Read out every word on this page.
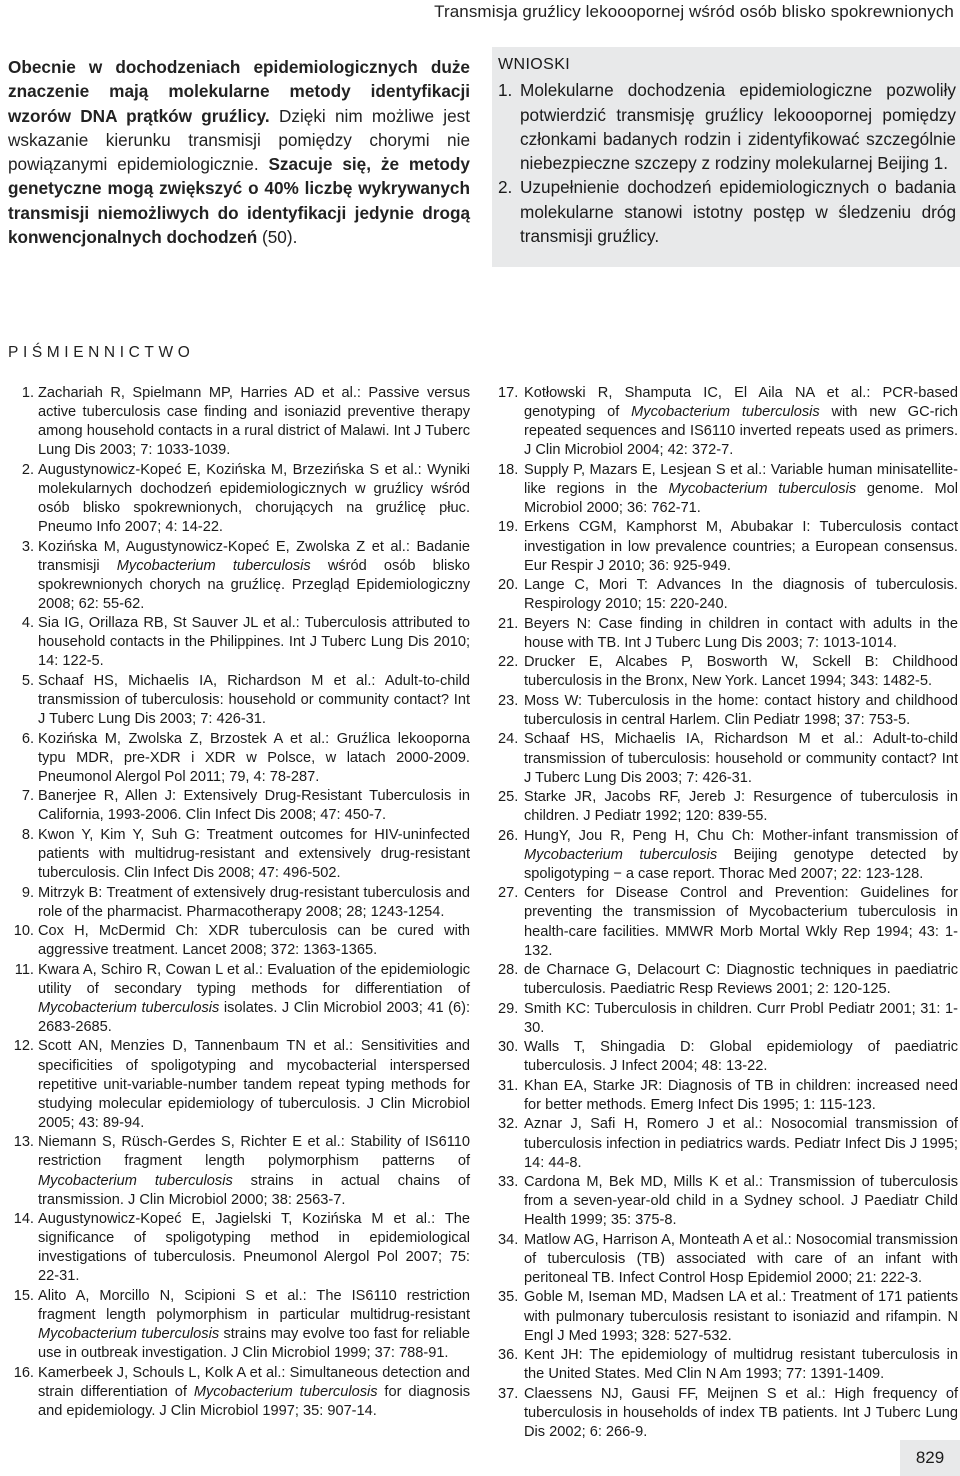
Transmisja gruźlicy lekooopornej wśród osób blisko spokrewnionych
Obecnie w dochodzeniach epidemiologicznych duże znaczenie mają molekularne metody identyfikacji wzorów DNA prątków gruźlicy. Dzięki nim możliwe jest wskazanie kierunku transmisji pomiędzy chorymi nie powiązanymi epidemiologicznie. Szacuje się, że metody genetyczne mogą zwiększyć o 40% liczbę wykrywanych transmisji niemożliwych do identyfikacji jedynie drogą konwencjonalnych dochodzeń (50).
WNIOSKI
1. Molekularne dochodzenia epidemiologiczne pozwoliły potwierdzić transmisję gruźlicy lekooopornej pomiędzy członkami badanych rodzin i zidentyfikować szczególnie niebezpieczne szczepy z rodziny molekularnej Beijing 1.
2. Uzupełnienie dochodzeń epidemiologicznych o badania molekularne stanowi istotny postęp w śledzeniu dróg transmisji gruźlicy.
PIŚMIENNICTWO
1. Zachariah R, Spielmann MP, Harries AD et al.: Passive versus active tuberculosis case finding and isoniazid preventive therapy among household contacts in a rural district of Malawi. Int J Tuberc Lung Dis 2003; 7: 1033-1039.
2. Augustynowicz-Kopeć E, Kozińska M, Brzezińska S et al.: Wyniki molekularnych dochodzeń epidemiologicznych w gruźlicy wśród osób blisko spokrewnionych, chorujących na gruźlicę płuc. Pneumo Info 2007; 4: 14-22.
3. Kozińska M, Augustynowicz-Kopeć E, Zwolska Z et al.: Badanie transmisji Mycobacterium tuberculosis wśród osób blisko spokrewnionych chorych na gruźlicę. Przegląd Epidemiologiczny 2008; 62: 55-62.
4. Sia IG, Orillaza RB, St Sauver JL et al.: Tuberculosis attributed to household contacts in the Philippines. Int J Tuberc Lung Dis 2010; 14: 122-5.
5. Schaaf HS, Michaelis IA, Richardson M et al.: Adult-to-child transmission of tuberculosis: household or community contact? Int J Tuberc Lung Dis 2003; 7: 426-31.
6. Kozińska M, Zwolska Z, Brzostek A et al.: Gruźlica lekooporna typu MDR, pre-XDR i XDR w Polsce, w latach 2000-2009. Pneumonol Alergol Pol 2011; 79, 4: 78-287.
7. Banerjee R, Allen J: Extensively Drug-Resistant Tuberculosis in California, 1993-2006. Clin Infect Dis 2008; 47: 450-7.
8. Kwon Y, Kim Y, Suh G: Treatment outcomes for HIV-uninfected patients with multidrug-resistant and extensively drug-resistant tuberculosis. Clin Infect Dis 2008; 47: 496-502.
9. Mitrzyk B: Treatment of extensively drug-resistant tuberculosis and role of the pharmacist. Pharmacotherapy 2008; 28; 1243-1254.
10. Cox H, McDermid Ch: XDR tuberculosis can be cured with aggressive treatment. Lancet 2008; 372: 1363-1365.
11. Kwara A, Schiro R, Cowan L et al.: Evaluation of the epidemiologic utility of secondary typing methods for differentiation of Mycobacterium tuberculosis isolates. J Clin Microbiol 2003; 41 (6): 2683-2685.
12. Scott AN, Menzies D, Tannenbaum TN et al.: Sensitivities and specificities of spoligotyping and mycobacterial interspersed repetitive unit-variable-number tandem repeat typing methods for studying molecular epidemiology of tuberculosis. J Clin Microbiol 2005; 43: 89-94.
13. Niemann S, Rüsch-Gerdes S, Richter E et al.: Stability of IS6110 restriction fragment length polymorphism patterns of Mycobacterium tuberculosis strains in actual chains of transmission. J Clin Microbiol 2000; 38: 2563-7.
14. Augustynowicz-Kopeć E, Jagielski T, Kozińska M et al.: The significance of spoligotyping method in epidemiological investigations of tuberculosis. Pneumonol Alergol Pol 2007; 75: 22-31.
15. Alito A, Morcillo N, Scipioni S et al.: The IS6110 restriction fragment length polymorphism in particular multidrug-resistant Mycobacterium tuberculosis strains may evolve too fast for reliable use in outbreak investigation. J Clin Microbiol 1999; 37: 788-91.
16. Kamerbeek J, Schouls L, Kolk A et al.: Simultaneous detection and strain differentiation of Mycobacterium tuberculosis for diagnosis and epidemiology. J Clin Microbiol 1997; 35: 907-14.
17. Kotłowski R, Shamputa IC, El Aila NA et al.: PCR-based genotyping of Mycobacterium tuberculosis with new GC-rich repeated sequences and IS6110 inverted repeats used as primers. J Clin Microbiol 2004; 42: 372-7.
18. Supply P, Mazars E, Lesjean S et al.: Variable human minisatellite-like regions in the Mycobacterium tuberculosis genome. Mol Microbiol 2000; 36: 762-71.
19. Erkens CGM, Kamphorst M, Abubakar I: Tuberculosis contact investigation in low prevalence countries; a European consensus. Eur Respir J 2010; 36: 925-949.
20. Lange C, Mori T: Advances In the diagnosis of tuberculosis. Respirology 2010; 15: 220-240.
21. Beyers N: Case finding in children in contact with adults in the house with TB. Int J Tuberc Lung Dis 2003; 7: 1013-1014.
22. Drucker E, Alcabes P, Bosworth W, Sckell B: Childhood tuberculosis in the Bronx, New York. Lancet 1994; 343: 1482-5.
23. Moss W: Tuberculosis in the home: contact history and childhood tuberculosis in central Harlem. Clin Pediatr 1998; 37: 753-5.
24. Schaaf HS, Michaelis IA, Richardson M et al.: Adult-to-child transmission of tuberculosis: household or community contact? Int J Tuberc Lung Dis 2003; 7: 426-31.
25. Starke JR, Jacobs RF, Jereb J: Resurgence of tuberculosis in children. J Pediatr 1992; 120: 839-55.
26. HungY, Jou R, Peng H, Chu Ch: Mother-infant transmission of Mycobacterium tuberculosis Beijing genotype detected by spoligotyping − a case report. Thorac Med 2007; 22: 123-128.
27. Centers for Disease Control and Prevention: Guidelines for preventing the transmission of Mycobacterium tuberculosis in health-care facilities. MMWR Morb Mortal Wkly Rep 1994; 43: 1-132.
28. de Charnace G, Delacourt C: Diagnostic techniques in paediatric tuberculosis. Paediatric Resp Reviews 2001; 2: 120-125.
29. Smith KC: Tuberculosis in children. Curr Probl Pediatr 2001; 31: 1-30.
30. Walls T, Shingadia D: Global epidemiology of paediatric tuberculosis. J Infect 2004; 48: 13-22.
31. Khan EA, Starke JR: Diagnosis of TB in children: increased need for better methods. Emerg Infect Dis 1995; 1: 115-123.
32. Aznar J, Safi H, Romero J et al.: Nosocomial transmission of tuberculosis infection in pediatrics wards. Pediatr Infect Dis J 1995; 14: 44-8.
33. Cardona M, Bek MD, Mills K et al.: Transmission of tuberculosis from a seven-year-old child in a Sydney school. J Paediatr Child Health 1999; 35: 375-8.
34. Matlow AG, Harrison A, Monteath A et al.: Nosocomial transmission of tuberculosis (TB) associated with care of an infant with peritoneal TB. Infect Control Hosp Epidemiol 2000; 21: 222-3.
35. Goble M, Iseman MD, Madsen LA et al.: Treatment of 171 patients with pulmonary tuberculosis resistant to isoniazid and rifampin. N Engl J Med 1993; 328: 527-532.
36. Kent JH: The epidemiology of multidrug resistant tuberculosis in the United States. Med Clin N Am 1993; 77: 1391-1409.
37. Claessens NJ, Gausi FF, Meijnen S et al.: High frequency of tuberculosis in households of index TB patients. Int J Tuberc Lung Dis 2002; 6: 266-9.
829
